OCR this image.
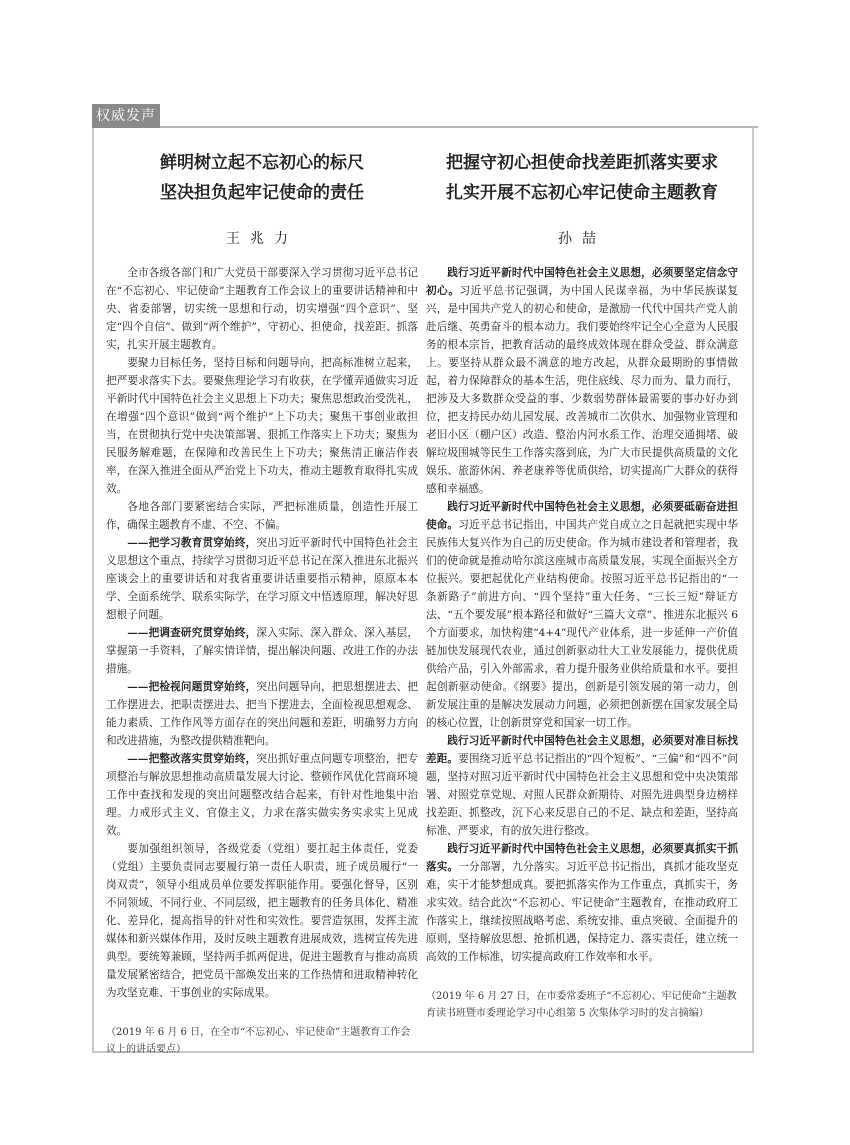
权威发声

鲜明树立起不忘初心的标尺

坚决担负起牢记使命的责任

王兆力

全市各级各部门和广大党员干部要深入学习贯彻习近平总书记在“不忘初心、牢记使命”主题教育工作会议上的重要讲话精神和中央、省委部署，切实统一思想和行动，切实增强“四个意识”、坚定“四个自信”、做到“两个维护”，守初心、担使命，找差距、抓落实，扎实开展主题教育。

要聚力目标任务，坚持目标和问题导向，把高标准树立起来，把严要求落实下去。要聚焦理论学习有收获，在学懂弄通做实习近平新时代中国特色社会主义思想上下功夫；聚焦思想政治受洗礼，在增强“四个意识”做到“两个维护”上下功夫；聚焦干事创业敢担当，在贯彻执行党中央决策部署、狠抓工作落实上下功夫；聚焦为民服务解难题，在保障和改善民生上下功夫；聚焦清正廉洁作表率，在深入推进全面从严治党上下功夫，推动主题教育取得扎实成效。

各地各部门要紧密结合实际，严把标准质量，创造性开展工作，确保主题教育不虚、不空、不偏。

——把学习教育贯穿始终，突出习近平新时代中国特色社会主义思想这个重点，持续学习贯彻习近平总书记在深入推进东北振兴座谈会上的重要讲话和对我省重要讲话重要指示精神，原原本本学、全面系统学、联系实际学，在学习原文中悟透原理，解决好思想根子问题。

——把调查研究贯穿始终，深入实际、深入群众、深入基层，掌握第一手资料，了解实情详情，提出解决问题、改进工作的办法措施。

——把检视问题贯穿始终，突出问题导向，把思想摆进去、把工作摆进去、把职责摆进去、把当下摆进去，全面检视思想观念、能力素质、工作作风等方面存在的突出问题和差距，明确努力方向和改进措施，为整改提供精准靶向。

——把整改落实贯穿始终，突出抓好重点问题专项整治，把专项整治与解放思想推动高质量发展大讨论、整顿作风优化营商环境工作中查找和发现的突出问题整改结合起来，有针对性地集中治理。力戒形式主义、官僚主义，力求在落实做实务实求实上见成效。

要加强组织领导，各级党委（党组）要扛起主体责任，党委（党组）主要负责同志要履行第一责任人职责，班子成员履行“一岗双责”，领导小组成员单位要发挥职能作用。要强化督导，区别不同领域、不同行业、不同层级，把主题教育的任务具体化、精准化、差异化，提高指导的针对性和实效性。要营造氛围，发挥主流媒体和新兴媒体作用，及时反映主题教育进展成效，选树宣传先进典型。要统筹兼顾，坚持两手抓两促进，促进主题教育与推动高质量发展紧密结合，把党员干部焕发出来的工作热情和进取精神转化为攻坚克难、干事创业的实际成果。

（2019 年 6 月 6 日，在全市“不忘初心、牢记使命”主题教育工作会议上的讲话要点）

把握守初心担使命找差距抓落实要求

扎实开展不忘初心牢记使命主题教育

孙喆

践行习近平新时代中国特色社会主义思想，必须要坚定信念守初心。习近平总书记强调，为中国人民谋幸福，为中华民族谋复兴，是中国共产党人的初心和使命，是激励一代代中国共产党人前赴后继、英勇奋斗的根本动力。我们要始终牢记全心全意为人民服务的根本宗旨，把教育活动的最终成效体现在群众受益、群众满意上。要坚持从群众最不满意的地方改起，从群众最期盼的事情做起，着力保障群众的基本生活，兜住底线、尽力而为、量力而行，把涉及大多数群众受益的事、少数弱势群体最需要的事办好办到位，把支持民办幼儿园发展、改善城市二次供水、加强物业管理和老旧小区（棚户区）改造、整治内河水系工作、治理交通拥堵、破解垃圾围城等民生工作落实落到底，为广大市民提供高质量的文化娱乐、旅游休闲、养老康养等优质供给，切实提高广大群众的获得感和幸福感。

践行习近平新时代中国特色社会主义思想，必须要砥砺奋进担使命。习近平总书记指出，中国共产党自成立之日起就把实现中华民族伟大复兴作为自己的历史使命。作为城市建设者和管理者，我们的使命就是推动哈尔滨这座城市高质量发展，实现全面振兴全方位振兴。要把起优化产业结构使命。按照习近平总书记指出的“一条新路子”前进方向、“四个坚持”重大任务、“三长三短”辩证方法、“五个要发展”根本路径和做好“三篇大文章”、推进东北振兴 6 个方面要求，加快构建“4+4”现代产业体系，进一步延伸一产价值链加快发展现代农业，通过创新驱动壮大工业发展能力，提供优质供给产品，引入外部需求，着力提升服务业供给质量和水平。要担起创新驱动使命。《纲要》提出，创新是引领发展的第一动力，创新发展注重的是解决发展动力问题，必须把创新摆在国家发展全局的核心位置，让创新贯穿党和国家一切工作。

践行习近平新时代中国特色社会主义思想，必须要对准目标找差距。要围绕习近平总书记指出的“四个短板”、“三偏”和“四不”问题，坚持对照习近平新时代中国特色社会主义思想和党中央决策部署、对照党章党规、对照人民群众新期待、对照先进典型身边榜样找差距、抓整改，沉下心来反思自己的不足、缺点和差距，坚持高标准、严要求，有的放矢进行整改。

践行习近平新时代中国特色社会主义思想，必须要真抓实干抓落实。一分部署，九分落实。习近平总书记指出，真抓才能攻坚克难，实干才能梦想成真。要把抓落实作为工作重点，真抓实干，务求实效。结合此次“不忘初心、牢记使命”主题教育，在推动政府工作落实上，继续按照战略考虑、系统安排、重点突破、全面提升的原则，坚持解放思想、抢抓机遇，保持定力、落实责任，建立统一高效的工作标准，切实提高政府工作效率和水平。

（2019 年 6 月 27 日，在市委常委班子“不忘初心、牢记使命”主题教育读书班暨市委理论学习中心组第 5 次集体学习时的发言摘编）
